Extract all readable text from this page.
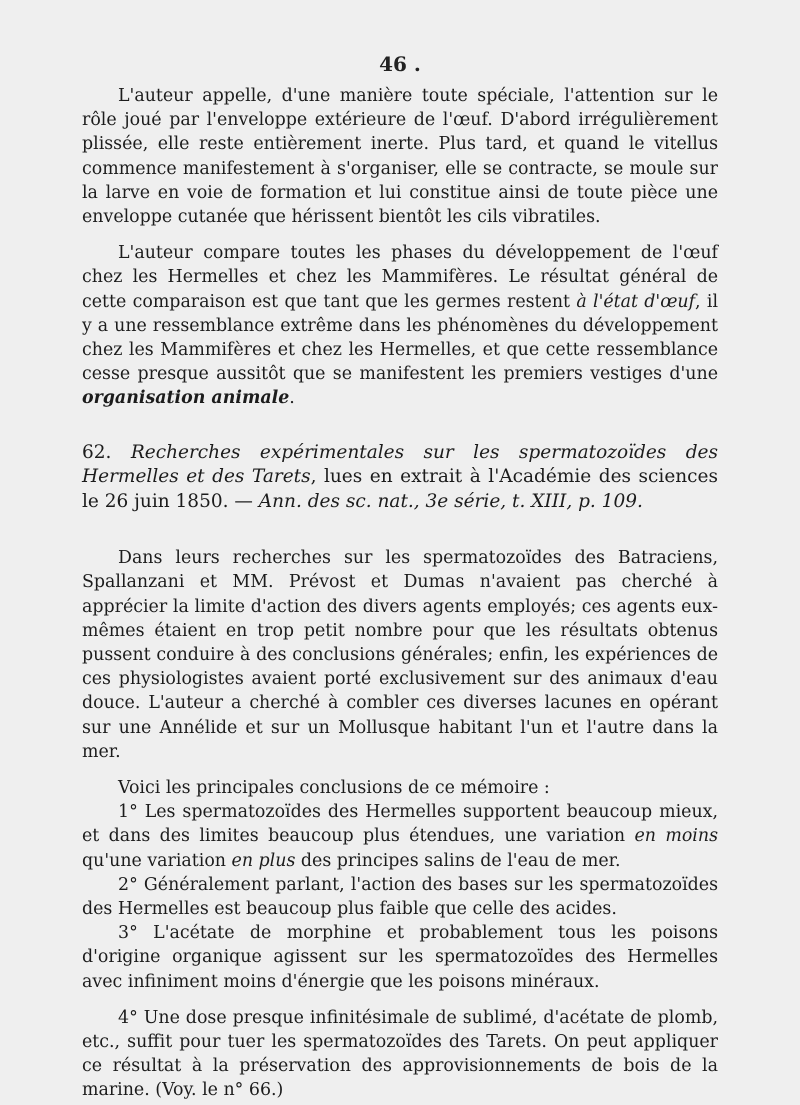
46 .

L'auteur appelle, d'une manière toute spéciale, l'attention sur le rôle joué par l'enveloppe extérieure de l'œuf. D'abord irrégulièrement plissée, elle reste entièrement inerte. Plus tard, et quand le vitellus commence manifestement à s'organiser, elle se contracte, se moule sur la larve en voie de formation et lui constitue ainsi de toute pièce une enveloppe cutanée que hérissent bientôt les cils vibratiles.

L'auteur compare toutes les phases du développement de l'œuf chez les Hermelles et chez les Mammifères. Le résultat général de cette comparaison est que tant que les germes restent à l'état d'œuf, il y a une ressemblance extrême dans les phénomènes du développement chez les Mammifères et chez les Hermelles, et que cette ressemblance cesse presque aussitôt que se manifestent les premiers vestiges d'une organisation animale.

62. Recherches expérimentales sur les spermatozoïdes des Hermelles et des Tarets, lues en extrait à l'Académie des sciences le 26 juin 1850. — Ann. des sc. nat., 3e série, t. XIII, p. 109.

Dans leurs recherches sur les spermatozoïdes des Batraciens, Spallanzani et MM. Prévost et Dumas n'avaient pas cherché à apprécier la limite d'action des divers agents employés; ces agents eux-mêmes étaient en trop petit nombre pour que les résultats obtenus pussent conduire à des conclusions générales; enfin, les expériences de ces physiologistes avaient porté exclusivement sur des animaux d'eau douce. L'auteur a cherché à combler ces diverses lacunes en opérant sur une Annélide et sur un Mollusque habitant l'un et l'autre dans la mer.

Voici les principales conclusions de ce mémoire :

1° Les spermatozoïdes des Hermelles supportent beaucoup mieux, et dans des limites beaucoup plus étendues, une variation en moins qu'une variation en plus des principes salins de l'eau de mer.

2° Généralement parlant, l'action des bases sur les spermatozoïdes des Hermelles est beaucoup plus faible que celle des acides.

3° L'acétate de morphine et probablement tous les poisons d'origine organique agissent sur les spermatozoïdes des Hermelles avec infiniment moins d'énergie que les poisons minéraux.

4° Une dose presque infinitésimale de sublimé, d'acétate de plomb, etc., suffit pour tuer les spermatozoïdes des Tarets. On peut appliquer ce résultat à la préservation des approvisionnements de bois de la marine. (Voy. le n° 66.)
